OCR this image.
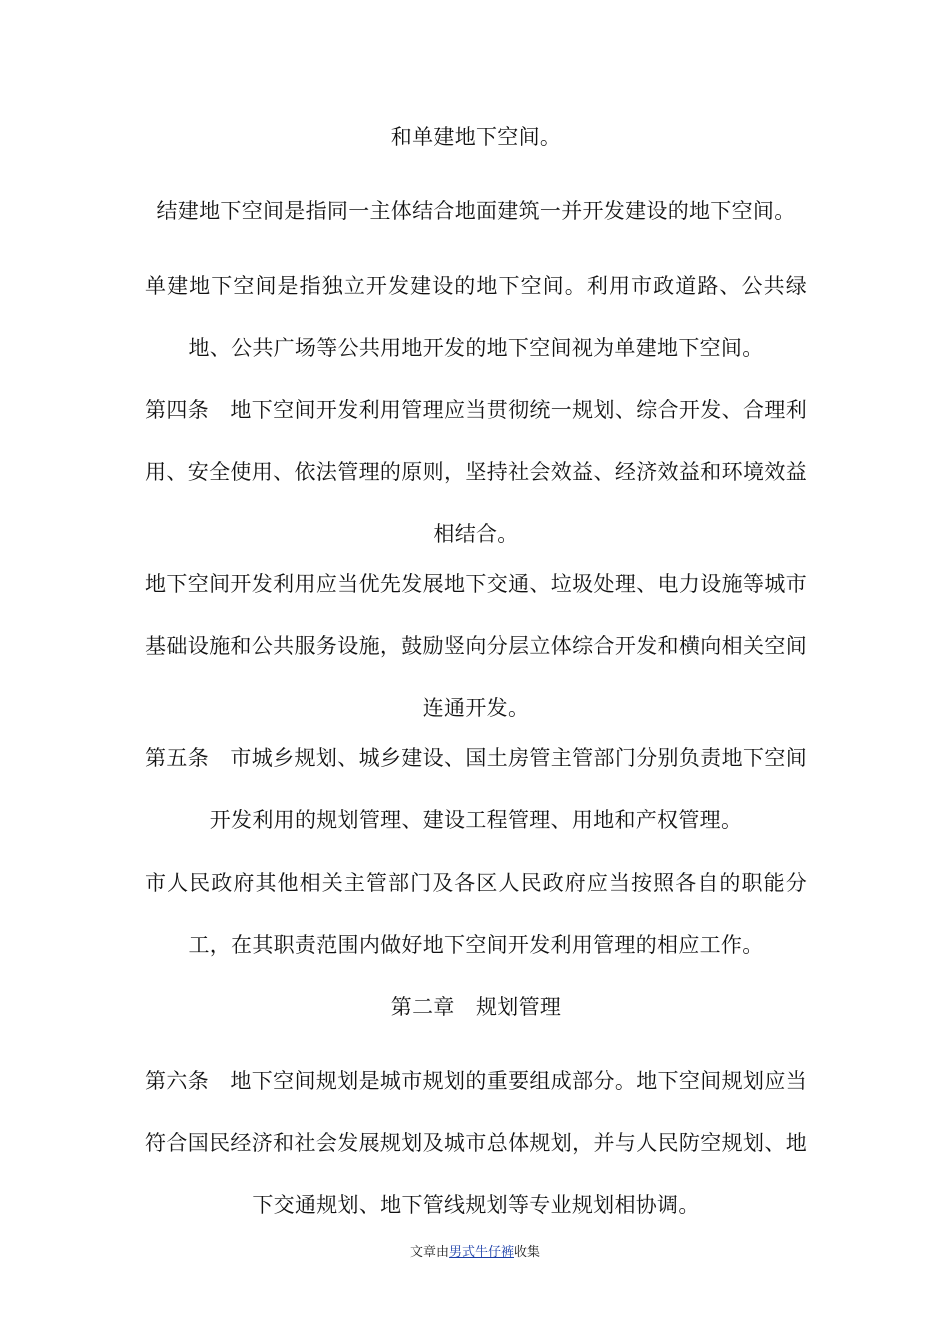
和单建地下空间。

结建地下空间是指同一主体结合地面建筑一并开发建设的地下空间。

单建地下空间是指独立开发建设的地下空间。利用市政道路、公共绿地、公共广场等公共用地开发的地下空间视为单建地下空间。

第四条　地下空间开发利用管理应当贯彻统一规划、综合开发、合理利用、安全使用、依法管理的原则，坚持社会效益、经济效益和环境效益相结合。

地下空间开发利用应当优先发展地下交通、垃圾处理、电力设施等城市基础设施和公共服务设施，鼓励竖向分层立体综合开发和横向相关空间连通开发。

第五条　市城乡规划、城乡建设、国土房管主管部门分别负责地下空间开发利用的规划管理、建设工程管理、用地和产权管理。

市人民政府其他相关主管部门及各区人民政府应当按照各自的职能分工，在其职责范围内做好地下空间开发利用管理的相应工作。

第二章　规划管理

第六条　地下空间规划是城市规划的重要组成部分。地下空间规划应当符合国民经济和社会发展规划及城市总体规划，并与人民防空规划、地下交通规划、地下管线规划等专业规划相协调。

文章由男式牛仔裤收集
